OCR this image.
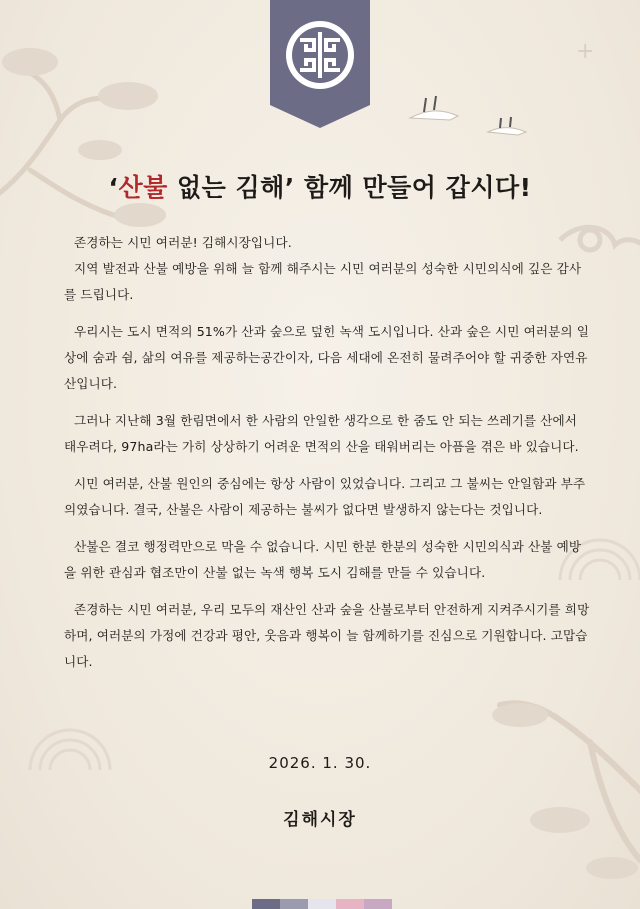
+
‘산불 없는 김해’ 함께 만들어 갑시다!

존경하는 시민 여러분! 김해시장입니다.

지역 발전과 산불 예방을 위해 늘 함께 해주시는 시민 여러분의 성숙한 시민의식에 깊은 감사를 드립니다.

우리시는 도시 면적의 51%가 산과 숲으로 덮힌 녹색 도시입니다. 산과 숲은 시민 여러분의 일상에 숨과 쉼, 삶의 여유를 제공하는공간이자, 다음 세대에 온전히 물려주어야 할 귀중한 자연유산입니다.

그러나 지난해 3월 한림면에서 한 사람의 안일한 생각으로 한 줌도 안 되는 쓰레기를 산에서 태우려다, 97ha라는 가히 상상하기 어려운 면적의 산을 태워버리는 아픔을 겪은 바 있습니다.

시민 여러분, 산불 원인의 중심에는 항상 사람이 있었습니다. 그리고 그 불씨는 안일함과 부주의였습니다. 결국, 산불은 사람이 제공하는 불씨가 없다면 발생하지 않는다는 것입니다.

산불은 결코 행정력만으로 막을 수 없습니다. 시민 한분 한분의 성숙한 시민의식과 산불 예방을 위한 관심과 협조만이 산불 없는 녹색 행복 도시 김해를 만들 수 있습니다.

존경하는 시민 여러분, 우리 모두의 재산인 산과 숲을 산불로부터 안전하게 지켜주시기를 희망하며, 여러분의 가정에 건강과 평안, 웃음과 행복이 늘 함께하기를 진심으로 기원합니다. 고맙습니다.

2026. 1. 30.

김해시장
